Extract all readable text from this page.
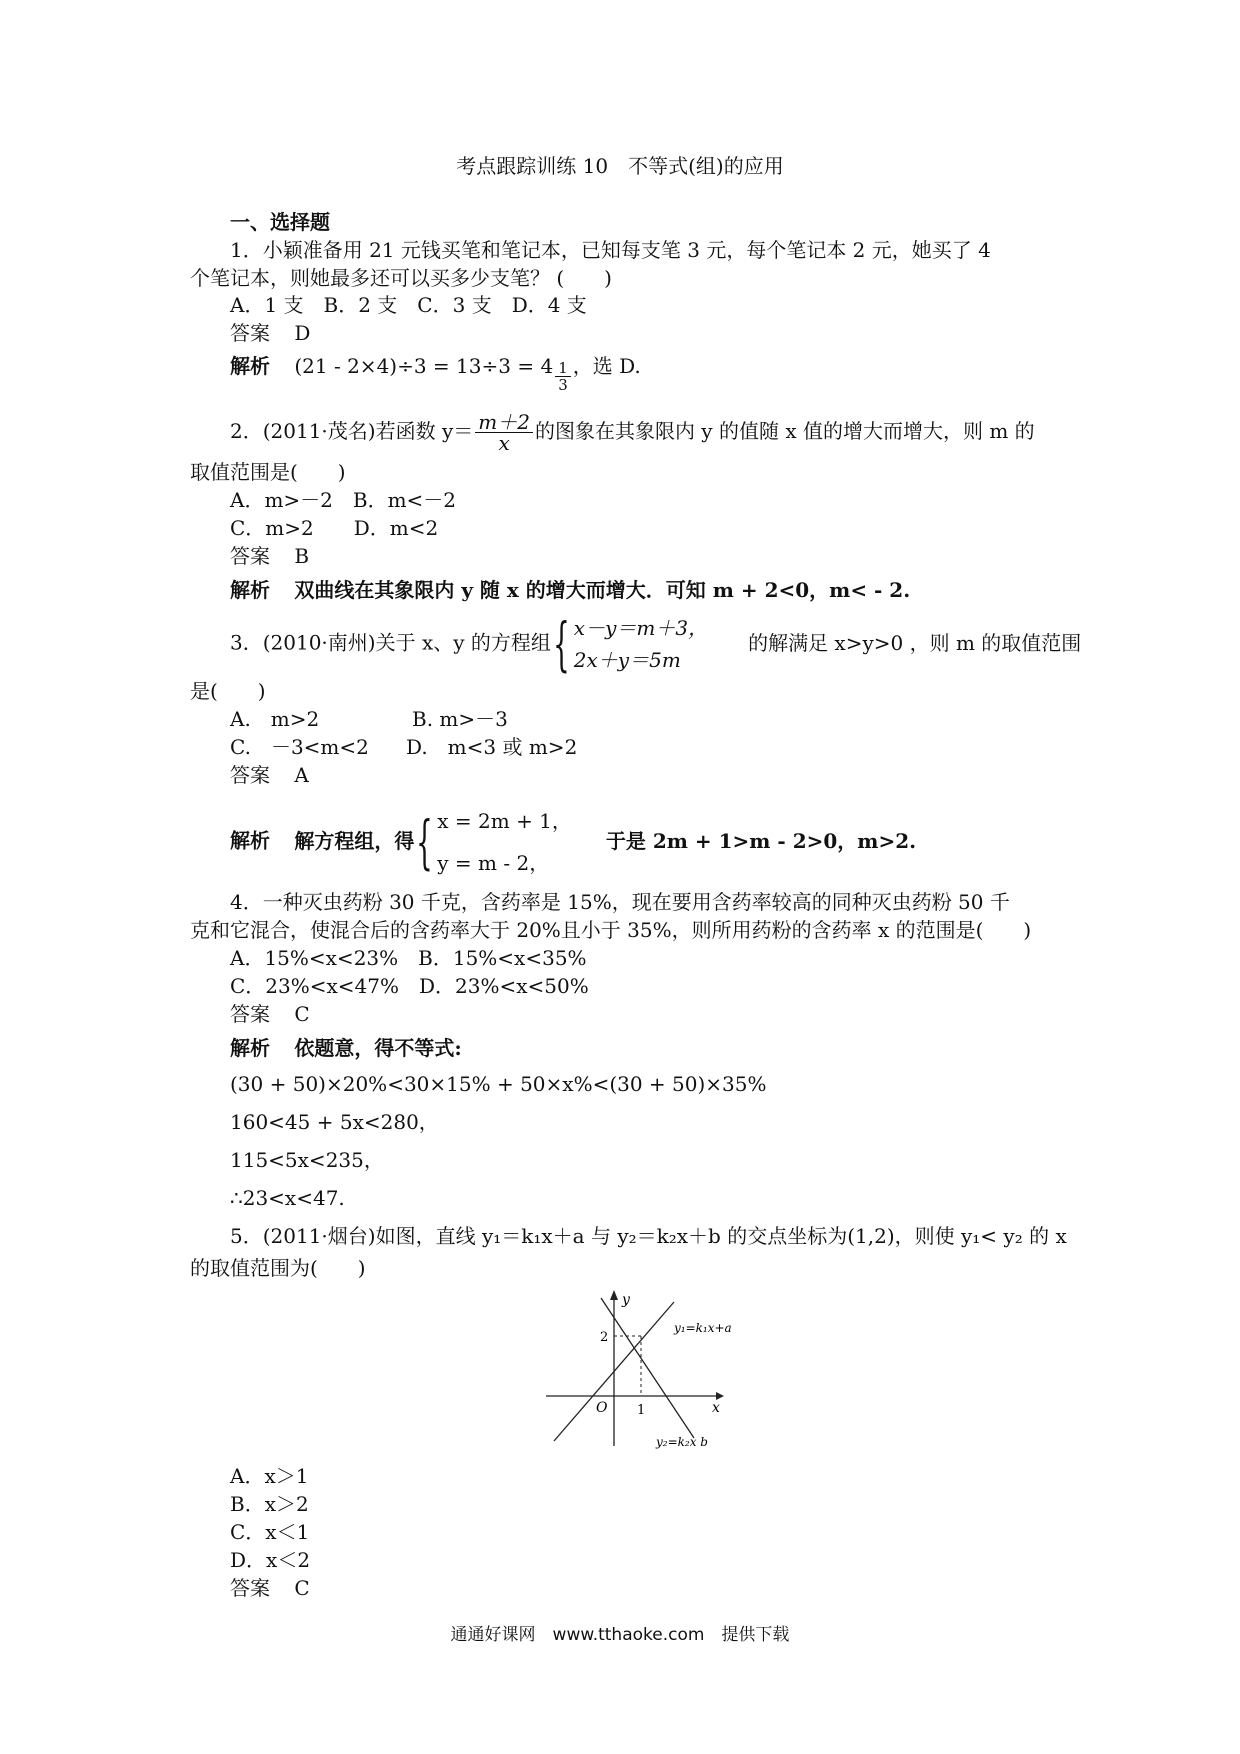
考点跟踪训练 10　不等式(组)的应用
一、选择题
1．小颖准备用 21 元钱买笔和笔记本，已知每支笔 3 元，每个笔记本 2 元，她买了 4
个笔记本，则她最多还可以买多少支笔？ (　　)
A．1 支　B．2 支　C．3 支　D．4 支
答案 D
解析 $(21 - 2\times 4)\div 3 = 13\div 3 = 4 \frac{1}{3}$ ，选 D.
2．(2011·茂名)若函数 $y= \frac{m+2}{x}$ 的图象在其象限内 y 的值随 x 值的增大而增大，则 m 的
取值范围是(　　)
A．m>－2　B．m<－2
C．m>2　　D．m<2
答案 B
解析 双曲线在其象限内 y 随 x 的增大而增大．可知 m + 2<0，m< - 2.
3．(2010·南州)关于 x、y 的方程组 { x－y＝m＋3，
2x＋y＝5m
的解满足 x>y>0 ，则 m 的取值范围
是(　　)
A.　m>2	B. m>－3
C.　－3<m<2 D.　m<3 或 m>2
答案 A
解析 解方程组，得 { x = 2m + 1，
y = m - 2，
于是 2m + 1>m - 2>0，m>2.
4．一种灭虫药粉 30 千克，含药率是 15%，现在要用含药率较高的同种灭虫药粉 50 千
克和它混合，使混合后的含药率大于 20%且小于 35%，则所用药粉的含药率 x 的范围是(　　)
A．15%<x<23%　B．15%<x<35%
C．23%<x<47%　D．23%<x<50%
答案 C
解析 依题意，得不等式:
(30 + 50)×20%<30×15% + 50×x%<(30 + 50)×35%
160<45 + 5x<280，
115<5x<235，
∴23<x<47.
5．(2011·烟台)如图，直线 y₁＝k₁x＋a 与 y₂＝k₂x＋b 的交点坐标为(1,2)，则使 y₁< y₂ 的 x
的取值范围为(　　)
y
x
O 1
2
y₁=k₁x+a
y₂=k₂x b
A．x＞1
B．x＞2
C．x＜1
D．x＜2
答案 C
通通好课网　www.tthaoke.com　提供下载
